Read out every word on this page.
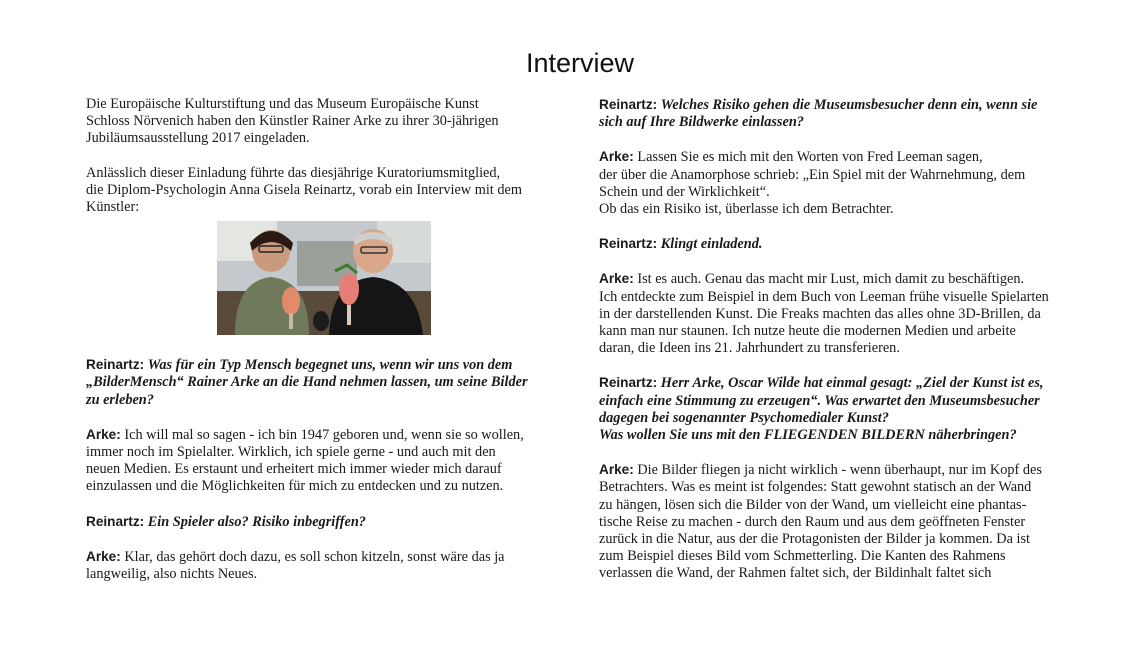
Interview

Die Europäische Kulturstiftung und das Museum Europäische Kunst
Schloss Nörvenich haben den Künstler Rainer Arke zu ihrer 30-jährigen
Jubiläumsausstellung 2017 eingeladen.

Anlässlich dieser Einladung führte das diesjährige Kuratoriumsmitglied,
die Diplom-Psychologin Anna Gisela Reinartz, vorab ein Interview mit dem
Künstler:

Reinartz: Was für ein Typ Mensch begegnet uns, wenn wir uns von dem
„BilderMensch“ Rainer Arke an die Hand nehmen lassen, um seine Bilder
zu erleben?

Arke: Ich will mal so sagen - ich bin 1947 geboren und, wenn sie so wollen,
immer noch im Spielalter. Wirklich, ich spiele gerne - und auch mit den
neuen Medien. Es erstaunt und erheitert mich immer wieder mich darauf
einzulassen und die Möglichkeiten für mich zu entdecken und zu nutzen.

Reinartz: Ein Spieler also? Risiko inbegriffen?

Arke: Klar, das gehört doch dazu, es soll schon kitzeln, sonst wäre das ja
langweilig, also nichts Neues.

Reinartz: Welches Risiko gehen die Museumsbesucher denn ein, wenn sie
sich auf Ihre Bildwerke einlassen?

Arke: Lassen Sie es mich mit den Worten von Fred Leeman sagen,
der über die Anamorphose schrieb: „Ein Spiel mit der Wahrnehmung, dem
Schein und der Wirklichkeit“.
Ob das ein Risiko ist, überlasse ich dem Betrachter.

Reinartz: Klingt einladend.

Arke: Ist es auch. Genau das macht mir Lust, mich damit zu beschäftigen.
Ich entdeckte zum Beispiel in dem Buch von Leeman frühe visuelle Spielarten
in der darstellenden Kunst. Die Freaks machten das alles ohne 3D-Brillen, da
kann man nur staunen. Ich nutze heute die modernen Medien und arbeite
daran, die Ideen ins 21. Jahrhundert zu transferieren.

Reinartz: Herr Arke, Oscar Wilde hat einmal gesagt: „Ziel der Kunst ist es,
einfach eine Stimmung zu erzeugen“. Was erwartet den Museumsbesucher
dagegen bei sogenannter Psychomedialer Kunst?
Was wollen Sie uns mit den FLIEGENDEN BILDERN näherbringen?

Arke: Die Bilder fliegen ja nicht wirklich - wenn überhaupt, nur im Kopf des
Betrachters. Was es meint ist folgendes: Statt gewohnt statisch an der Wand
zu hängen, lösen sich die Bilder von der Wand, um vielleicht eine phantas-
tische Reise zu machen - durch den Raum und aus dem geöffneten Fenster
zurück in die Natur, aus der die Protagonisten der Bilder ja kommen. Da ist
zum Beispiel dieses Bild vom Schmetterling. Die Kanten des Rahmens
verlassen die Wand, der Rahmen faltet sich, der Bildinhalt faltet sich
